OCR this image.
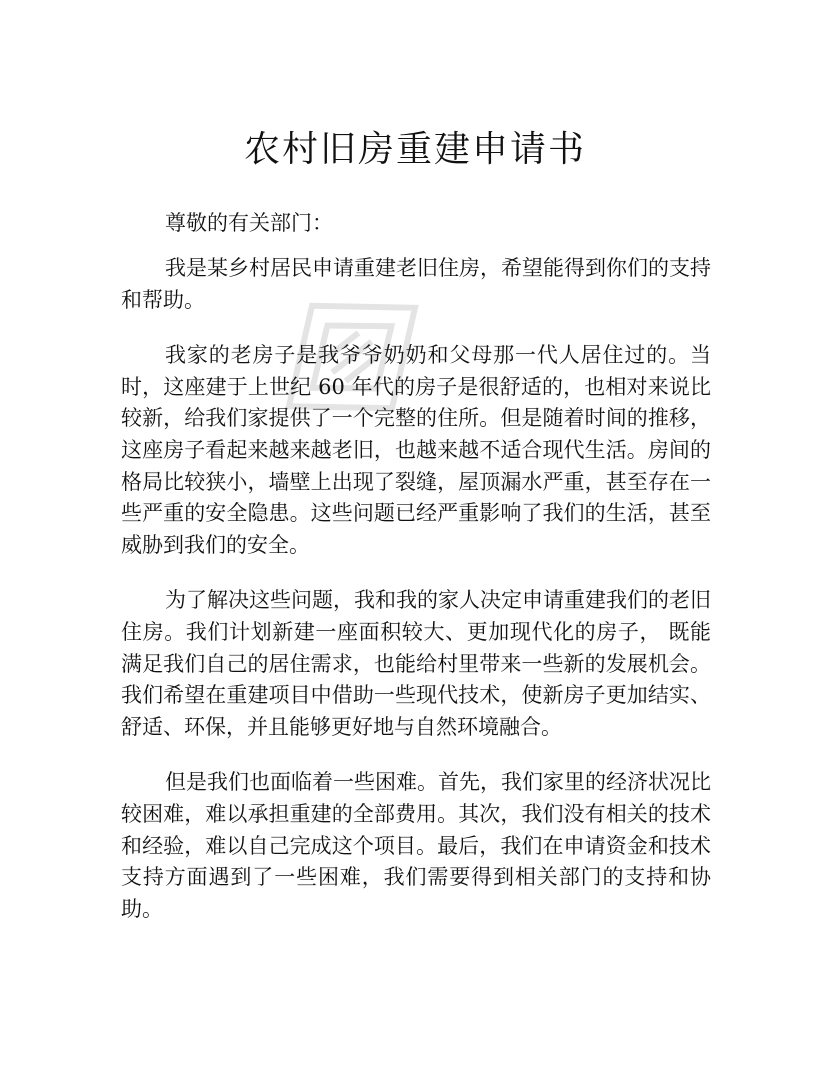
农村旧房重建申请书

尊敬的有关部门：

我是某乡村居民申请重建老旧住房，希望能得到你们的支持和帮助。

我家的老房子是我爷爷奶奶和父母那一代人居住过的。当时，这座建于上世纪 60 年代的房子是很舒适的，也相对来说比较新，给我们家提供了一个完整的住所。但是随着时间的推移，这座房子看起来越来越老旧，也越来越不适合现代生活。房间的格局比较狭小，墙壁上出现了裂缝，屋顶漏水严重，甚至存在一些严重的安全隐患。这些问题已经严重影响了我们的生活，甚至威胁到我们的安全。

为了解决这些问题，我和我的家人决定申请重建我们的老旧住房。我们计划新建一座面积较大、更加现代化的房子， 既能满足我们自己的居住需求，也能给村里带来一些新的发展机会。我们希望在重建项目中借助一些现代技术，使新房子更加结实、 舒适、环保，并且能够更好地与自然环境融合。

但是我们也面临着一些困难。首先，我们家里的经济状况比较困难，难以承担重建的全部费用。其次，我们没有相关的技术和经验，难以自己完成这个项目。最后，我们在申请资金和技术支持方面遇到了一些困难，我们需要得到相关部门的支持和协助。
